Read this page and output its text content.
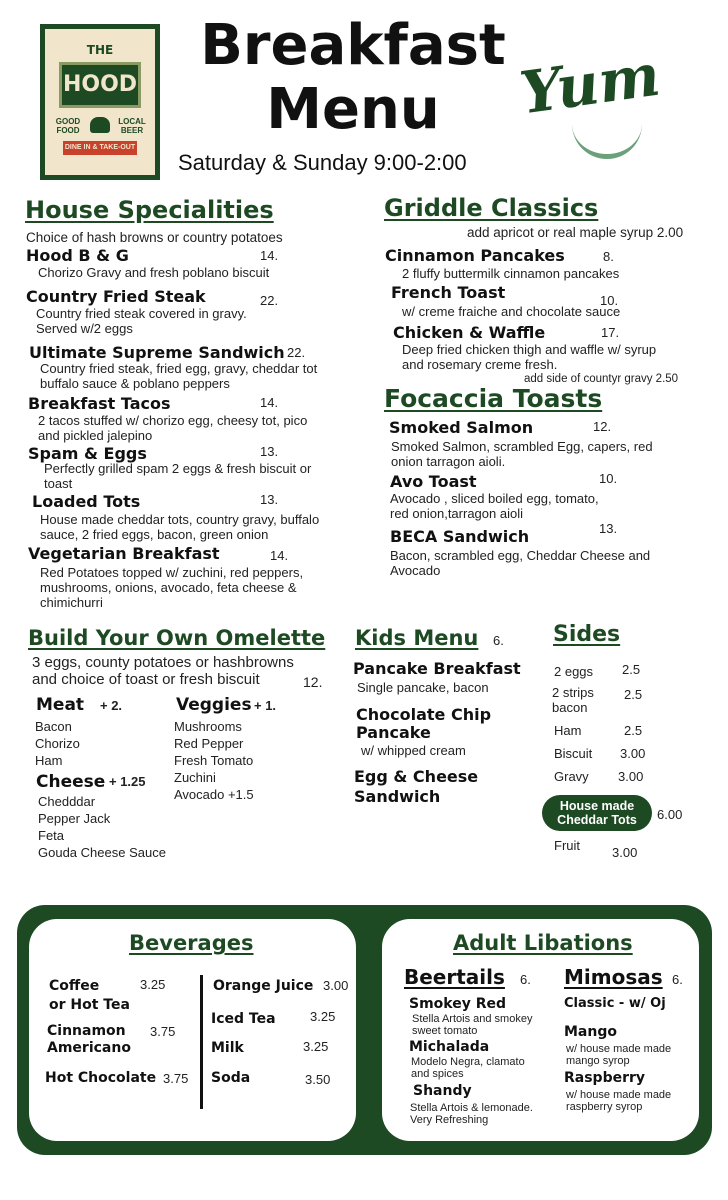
THE
HOOD
GOOD FOOD
LOCAL BEER
DINE IN & TAKE-OUT
Breakfast
Menu
Saturday & Sunday 9:00-2:00
Yum
House Specialities
Choice of hash browns or country potatoes
Hood B & G	14.
Chorizo Gravy and fresh poblano biscuit
Country Fried Steak	22.
Country fried steak covered in gravy.
Served w/2 eggs
Ultimate Supreme Sandwich 22.
Country fried steak, fried egg, gravy, cheddar tot
buffalo sauce & poblano peppers
Breakfast Tacos	14.
2 tacos stuffed w/ chorizo egg, cheesy tot, pico
and pickled jalepino
Spam & Eggs	13.
Perfectly grilled spam 2 eggs & fresh biscuit or
toast
Loaded Tots	13.
House made cheddar tots, country gravy, buffalo
sauce, 2 fried eggs, bacon, green onion
Vegetarian Breakfast	14.
Red Potatoes topped w/ zuchini, red peppers,
mushrooms, onions, avocado, feta cheese &
chimichurri
Griddle Classics
add apricot or real maple syrup 2.00
Cinnamon Pancakes	8.
2 fluffy buttermilk cinnamon pancakes
French Toast	10.
w/ creme fraiche and chocolate sauce
Chicken & Waffle	17.
Deep fried chicken thigh and waffle w/ syrup
and rosemary creme fresh.
add side of countyr gravy 2.50
Focaccia Toasts
Smoked Salmon	12.
Smoked Salmon, scrambled Egg, capers, red
onion tarragon aioli.
Avo Toast	10.
Avocado , sliced boiled egg, tomato,
red onion,tarragon aioli
BECA Sandwich	13.
Bacon, scrambled egg, Cheddar Cheese and
Avocado
Build Your Own Omelette
3 eggs, county potatoes or hashbrowns
and choice of toast or fresh biscuit	12.
Meat + 2.
Bacon
Chorizo
Ham
Veggies + 1.
Mushrooms
Red Pepper
Fresh Tomato
Zuchini
Avocado +1.5
Cheese + 1.25
Chedddar
Pepper Jack
Feta
Gouda Cheese Sauce
Kids Menu 6.
Pancake Breakfast
Single pancake, bacon
Chocolate Chip
Pancake
w/ whipped cream
Egg & Cheese
Sandwich
Sides
2 eggs 2.5
2 strips
bacon
2.5
Ham	2.5
Biscuit 3.00
Gravy 3.00
House made
Cheddar Tots	6.00
Fruit 3.00
Beverages
Coffee
or Hot Tea
3.25
Cinnamon
Americano
3.75
Hot Chocolate 3.75
Orange Juice 3.00
Iced Tea	3.25
Milk	3.25
Soda	3.50
Adult Libations
Beertails 6.
Smokey Red
Stella Artois and smokey
sweet tomato
Michalada
Modelo Negra, clamato
and spices
Shandy
Stella Artois & lemonade.
Very Refreshing
Mimosas 6.
Classic - w/ Oj
Mango
w/ house made made
mango syrop
Raspberry
w/ house made made
raspberry syrop
